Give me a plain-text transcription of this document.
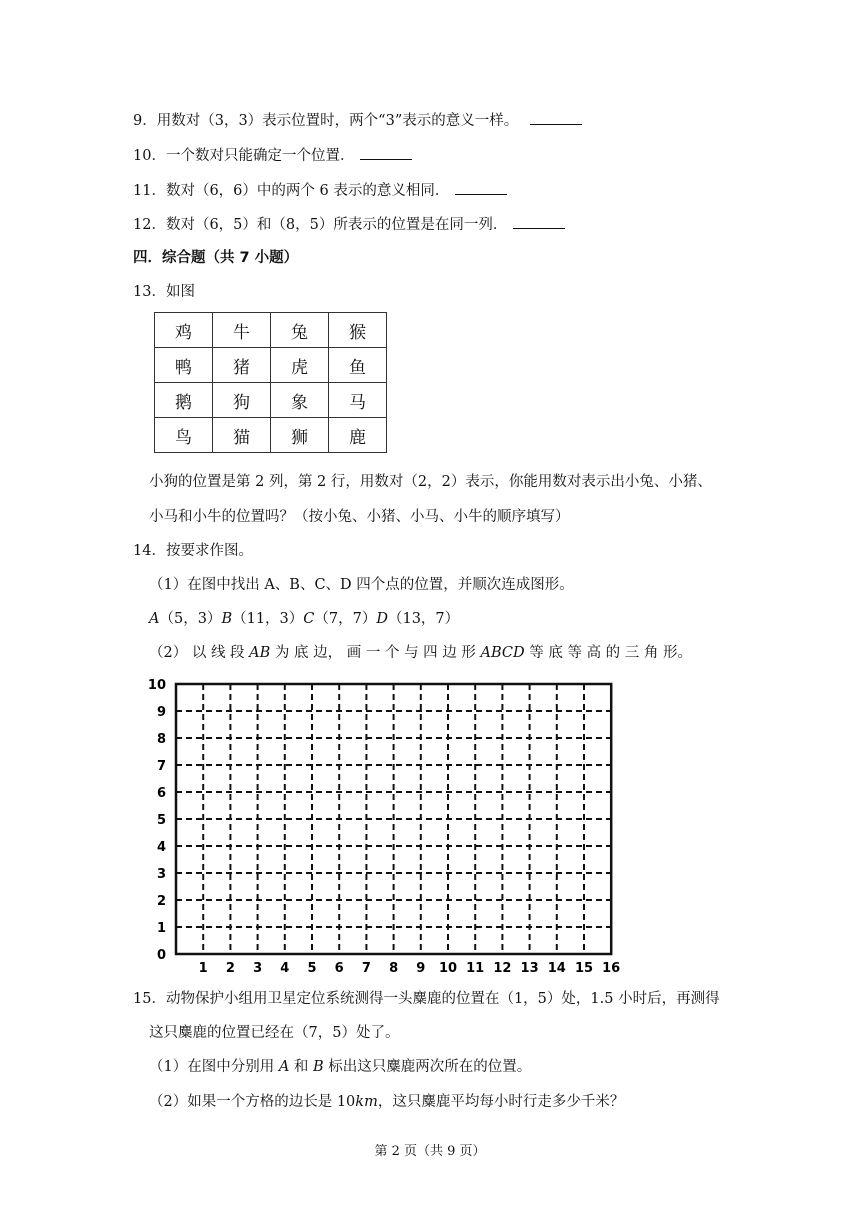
9．用数对（3，3）表示位置时，两个“3”表示的意义一样。
10．一个数对只能确定一个位置．
11．数对（6，6）中的两个 6 表示的意义相同．
12．数对（6，5）和（8，5）所表示的位置是在同一列．
四．综合题（共 7 小题）
13．如图
鸡	牛	兔	猴
鸭	猪	虎	鱼
鹅	狗	象	马
鸟	猫	狮	鹿
小狗的位置是第 2 列，第 2 行，用数对（2，2）表示，你能用数对表示出小兔、小猪、
小马和小牛的位置吗？（按小兔、小猪、小马、小牛的顺序填写）
14．按要求作图。
（1）在图中找出 A、B、C、D 四个点的位置，并顺次连成图形。
A（5，3）B（11，3）C（7，7）D（13，7）
（2） 以 线 段 AB 为 底 边， 画 一 个 与 四 边 形 ABCD 等 底 等 高 的 三 角 形。
1 2 3 4 5 6 7 8 9 10 11 12 13 14 15 16
0
1
2
3
4
5
6
7
8
9
10
15．动物保护小组用卫星定位系统测得一头麋鹿的位置在（1，5）处，1.5 小时后，再测得
这只麋鹿的位置已经在（7，5）处了。
（1）在图中分别用 A 和 B 标出这只麋鹿两次所在的位置。
（2）如果一个方格的边长是 10km，这只麋鹿平均每小时行走多少千米？
第 2 页（共 9 页）
